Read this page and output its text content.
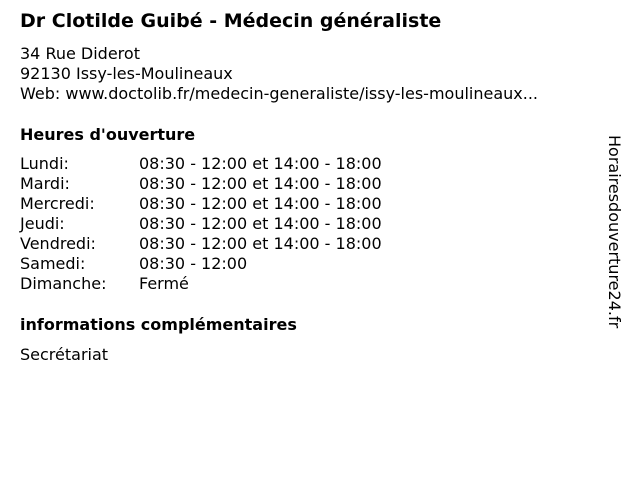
Dr Clotilde Guibé - Médecin généraliste
34 Rue Diderot
92130 Issy-les-Moulineaux
Web: www.doctolib.fr/medecin-generaliste/issy-les-moulineaux...
Heures d'ouverture
Lundi:	08:30 - 12:00 et 14:00 - 18:00
Mardi:	08:30 - 12:00 et 14:00 - 18:00
Mercredi:	08:30 - 12:00 et 14:00 - 18:00
Jeudi:	08:30 - 12:00 et 14:00 - 18:00
Vendredi:	08:30 - 12:00 et 14:00 - 18:00
Samedi:	08:30 - 12:00
Dimanche:	Fermé
informations complémentaires
Secrétariat
Horairesdouverture24.fr
